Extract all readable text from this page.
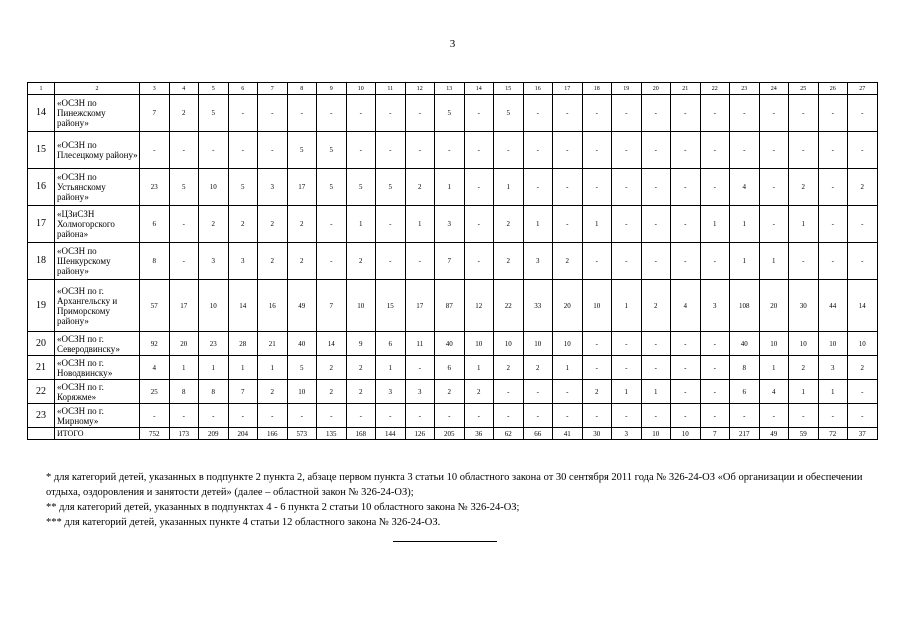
3
1	2	3	4	5	6	7	8	9	10	11	12	13	14	15	16	17	18	19	20	21	22	23	24	25	26	27
14	«ОСЗН по Пинежскому району»	7	2	5	-	-	-	-	-	-	-	5	-	5	-	-	-	-	-	-	-	-	-	-	-	-
15	«ОСЗН по Плесецкому району»	-	-	-	-	-	5	5	-	-	-	-	-	-	-	-	-	-	-	-	-	-	-	-	-	-
16	«ОСЗН по Устьянскому району»	23	5	10	5	3	17	5	5	5	2	1	-	1	-	-	-	-	-	-	-	4	-	2	-	2
17	«ЦЗиСЗН Холмогорского района»	6	-	2	2	2	2	-	1	-	1	3	-	2	1	-	1	-	-	-	1	1	-	1	-	-
18	«ОСЗН по Шенкурскому району»	8	-	3	3	2	2	-	2	-	-	7	-	2	3	2	-	-	-	-	-	1	1	-	-	-
19	«ОСЗН по г. Архангельску и Приморскому району»	57	17	10	14	16	49	7	10	15	17	87	12	22	33	20	10	1	2	4	3	108	20	30	44	14
20	«ОСЗН по г. Северодвинску»	92	20	23	28	21	40	14	9	6	11	40	10	10	10	10	-	-	-	-	-	40	10	10	10	10
21	«ОСЗН по г. Новодвинску»	4	1	1	1	1	5	2	2	1	-	6	1	2	2	1	-	-	-	-	-	8	1	2	3	2
22	«ОСЗН по г. Коряжме»	25	8	8	7	2	10	2	2	3	3	2	2	-	-	-	2	1	1	-	-	6	4	1	1	-
23	«ОСЗН по г. Мирному»	-	-	-	-	-	-	-	-	-	-	-	-	-	-	-	-	-	-	-	-	-	-	-	-	-
	ИТОГО	752	173	209	204	166	573	135	168	144	126	205	36	62	66	41	30	3	10	10	7	217	49	59	72	37

* для категорий детей, указанных в подпункте 2 пункта 2, абзаце первом пункта 3 статьи 10 областного закона от 30 сентября 2011 года № 326-24-ОЗ «Об организации и обеспечении отдыха, оздоровления и занятости детей» (далее – областной закон № 326-24-ОЗ);

** для категорий детей, указанных в подпунктах 4 - 6 пункта 2 статьи 10 областного закона № 326-24-ОЗ;

*** для категорий детей, указанных пункте 4 статьи 12 областного закона № 326-24-ОЗ.
